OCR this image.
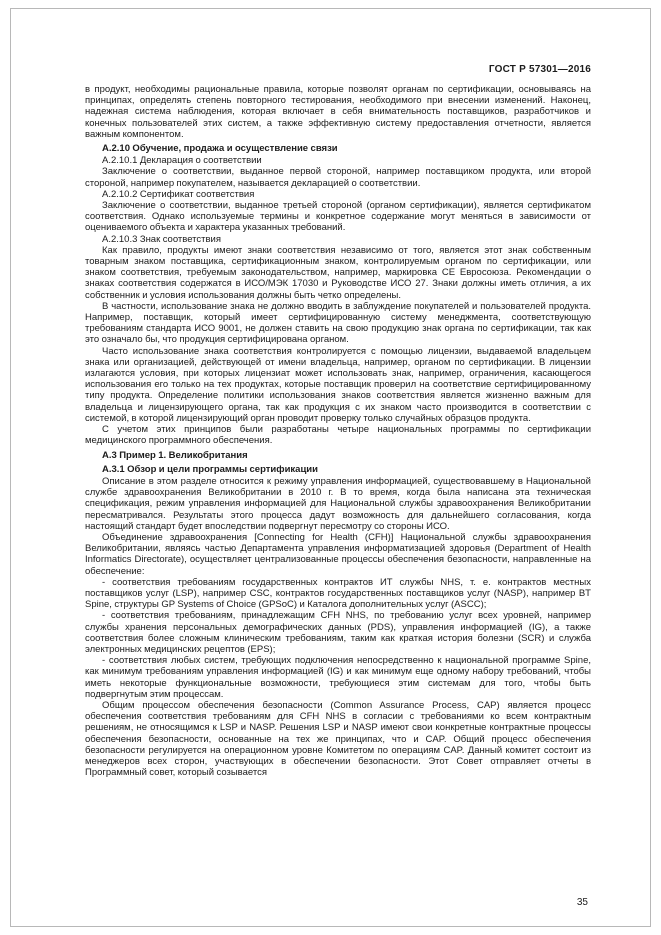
ГОСТ Р 57301—2016

в продукт, необходимы рациональные правила, которые позволят органам по сертификации, основываясь на принципах, определять степень повторного тестирования, необходимого при внесении изменений. Наконец, надежная система наблюдения, которая включает в себя внимательность поставщиков, разработчиков и конечных пользователей этих систем, а также эффективную систему предоставления отчетности, является важным компонентом.

А.2.10 Обучение, продажа и осуществление связи

А.2.10.1 Декларация о соответствии

Заключение о соответствии, выданное первой стороной, например поставщиком продукта, или второй стороной, например покупателем, называется декларацией о соответствии.

А.2.10.2 Сертификат соответствия

Заключение о соответствии, выданное третьей стороной (органом сертификации), является сертификатом соответствия. Однако используемые термины и конкретное содержание могут меняться в зависимости от оцениваемого объекта и характера указанных требований.

А.2.10.3 Знак соответствия

Как правило, продукты имеют знаки соответствия независимо от того, является этот знак собственным товарным знаком поставщика, сертификационным знаком, контролируемым органом по сертификации, или знаком соответствия, требуемым законодательством, например, маркировка СЕ Евросоюза. Рекомендации о знаках соответствия содержатся в ИСО/МЭК 17030 и Руководстве ИСО 27. Знаки должны иметь отличия, а их собственник и условия использования должны быть четко определены.

В частности, использование знака не должно вводить в заблуждение покупателей и пользователей продукта. Например, поставщик, который имеет сертифицированную систему менеджмента, соответствующую требованиям стандарта ИСО 9001, не должен ставить на свою продукцию знак органа по сертификации, так как это означало бы, что продукция сертифицирована органом.

Часто использование знака соответствия контролируется с помощью лицензии, выдаваемой владельцем знака или организацией, действующей от имени владельца, например, органом по сертификации. В лицензии излагаются условия, при которых лицензиат может использовать знак, например, ограничения, касающегося использования его только на тех продуктах, которые поставщик проверил на соответствие сертифицированному типу продукта. Определение политики использования знаков соответствия является жизненно важным для владельца и лицензирующего органа, так как продукция с их знаком часто производится в соответствии с системой, в которой лицензирующий орган проводит проверку только случайных образцов продукта.

С учетом этих принципов были разработаны четыре национальных программы по сертификации медицинского программного обеспечения.

А.3 Пример 1. Великобритания

А.3.1 Обзор и цели программы сертификации

Описание в этом разделе относится к режиму управления информацией, существовавшему в Национальной службе здравоохранения Великобритании в 2010 г. В то время, когда была написана эта техническая спецификация, режим управления информацией для Национальной службы здравоохранения Великобритании пересматривался. Результаты этого процесса дадут возможность для дальнейшего согласования, когда настоящий стандарт будет впоследствии подвергнут пересмотру со стороны ИСО.

Объединение здравоохранения [Connecting for Health (CFH)] Национальной службы здравоохранения Великобритании, являясь частью Департамента управления информатизацией здоровья (Department of Health Informatics Directorate), осуществляет централизованные процессы обеспечения безопасности, направленные на обеспечение:

- соответствия требованиям государственных контрактов ИТ службы NHS, т. е. контрактов местных поставщиков услуг (LSP), например CSC, контрактов государственных поставщиков услуг (NASP), например BT Spine, структуры GP Systems of Choice (GPSoC) и Каталога дополнительных услуг (ASCC);

- соответствия требованиям, принадлежащим CFH NHS, по требованию услуг всех уровней, например службы хранения персональных демографических данных (PDS), управления информацией (IG), а также соответствия более сложным клиническим требованиям, таким как краткая история болезни (SCR) и служба электронных медицинских рецептов (EPS);

- соответствия любых систем, требующих подключения непосредственно к национальной программе Spine, как минимум требованиям управления информацией (IG) и как минимум еще одному набору требований, чтобы иметь некоторые функциональные возможности, требующиеся этим системам для того, чтобы быть подвергнутым этим процессам.

Общим процессом обеспечения безопасности (Common Assurance Process, CAP) является процесс обеспечения соответствия требованиям для CFH NHS в согласии с требованиями ко всем контрактным решениям, не относящимся к LSP и NASP. Решения LSP и NASP имеют свои конкретные контрактные процессы обеспечения безопасности, основанные на тех же принципах, что и CAP. Общий процесс обеспечения безопасности регулируется на операционном уровне Комитетом по операциям CAP. Данный комитет состоит из менеджеров всех сторон, участвующих в обеспечении безопасности. Этот Совет отправляет отчеты в Программный совет, который созывается

35
